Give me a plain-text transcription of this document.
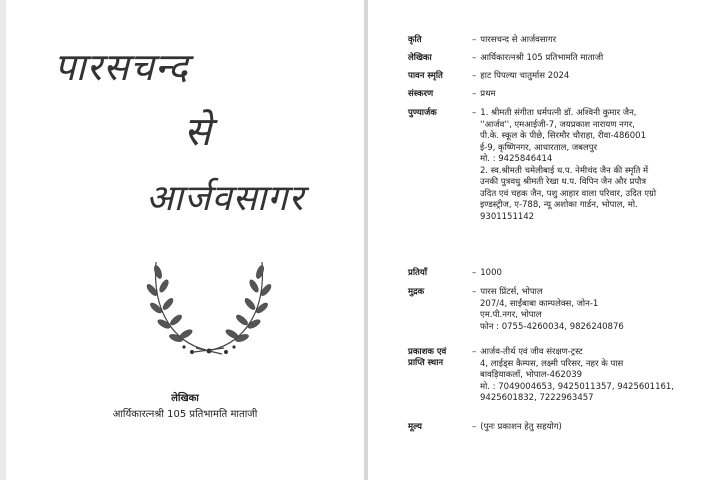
पारसचन्द
से
आर्जवसागर
लेखिका
आर्यिकारत्नश्री 105 प्रतिभामति माताजी
कृति	– पारसचन्द से आर्जवसागर
लेखिका	– आर्यिकारत्नश्री 105 प्रतिभामति माताजी
पावन स्मृति	– हाट पिपल्या चातुर्मास 2024
संस्करण	– प्रथम
पुण्यार्जक	– 1. श्रीमती संगीता धर्मपत्नी डॉ. अश्विनी कुमार जैन,
''आर्जव'', एमआईजी-7, जयप्रकाश नारायण नगर,
पी.के. स्कूल के पीछे, सिरमौर चौराहा, रीवा-486001
ई-9, कृष्णिनगर, आधारताल, जबलपुर
मो. : 9425846414
2. स्व.श्रीमती चमेलीबाई ध.प. नेमीचंद जैन की स्मृति में
उनकी पुत्रवधु श्रीमती रेखा ध.प. विपिन जैन और प्रपौत्र
उदित एवं चहक जैन, पशु आहार वाला परिवार, उदित एग्रो
इण्डस्ट्रीज, ए-788, न्यू अशोका गार्डन, भोपाल, मो.
9301151142
प्रतियाँ	– 1000
मुद्रक	– पारस प्रिंटर्स, भोपाल
207/4, साईंबाबा काम्पलेक्स, जोन-1
एम.पी.नगर, भोपाल
फोन : 0755-4260034, 9826240876
प्रकाशक एवं
प्राप्ति स्थान
– आर्जव-तीर्थ एवं जीव संरक्षण-ट्रस्ट
4, लाईड्स कैम्पस, लक्ष्मी परिसर, नहर के पास
बावड़ियाकलाँ, भोपाल-462039
मो. : 7049004653, 9425011357, 9425601161,
9425601832, 7222963457
मूल्य	– (पुनः प्रकाशन हेतु सहयोग)
